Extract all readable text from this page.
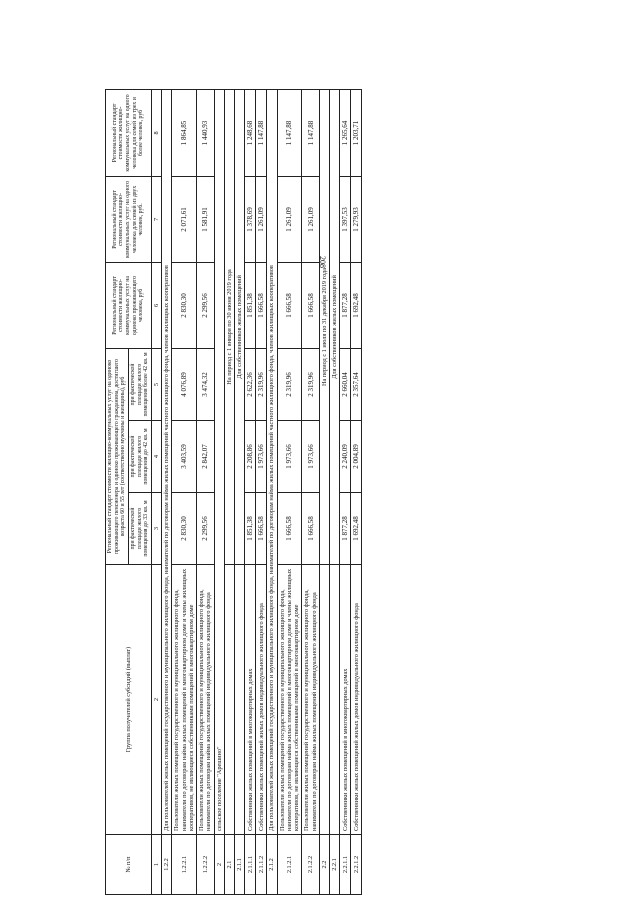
208
№ п/п	Группа получателей субсидий (выплат)	Региональный стандарт стоимости жилищно-коммунальных услуг на одиноко проживающего пенсионера и одиноко проживающего гражданина, достигшего возраста 60 и 55 лет (соответственно мужчины и женщины), руб			Региональный стандарт стоимости жилищно-коммунальных услуг на одиноко проживающего человека, руб	Региональный стандарт стоимости жилищно-коммунальных услуг на одного человека для семей из двух человек, руб.	Региональный стандарт стоимости жилищно-коммунальных услуг на одного человека для семей из трех и более человек, руб
		при фактической площади жилого помещения до 33 кв. м	при фактической площади жилого помещения до 42 кв. м	при фактической площади жилого помещения более 42 кв. м			
1	2	3	4	5	6	7	8
1.2.2	Для пользователей жилых помещений государственного и муниципального жилищного фонда, нанимателей по договорам найма жилых помещений частного жилищного фонда, членов жилищных кооперативов						
1.2.2.1	Пользователи жилых помещений государственного и муниципального жилищного фонда, наниматели по договорам найма жилых помещений в многоквартирном доме и члены жилищных кооперативов, не являющиеся собственниками помещений в многоквартирном доме	2 830,30	3 403,59	4 076,89	2 830,30	2 071,61	1 864,85
1.2.2.2	Пользователи жилых помещений государственного и муниципального жилищного фонда, наниматели по договорам найма жилых помещений индивидуального жилищного фонда	2 299,56	2 842,07	3 474,32	2 299,56	1 581,91	1 440,93
2	сельское поселение "Арешино"						
2.1		На период с 1 января по 30 июня 2019 года					
2.1.1		Для собственников жилых помещений					
2.1.1.1	Собственники жилых помещений в многоквартирных домах	1 851,38	2 208,86	2 622,36	1 851,38	1 378,69	1 248,68
2.1.1.2	Собственники жилых помещений жилых домов индивидуального жилищного фонда	1 666,58	1 973,66	2 319,96	1 666,58	1 261,09	1 147,88
2.1.2	Для пользователей жилых помещений государственного и муниципального жилищного фонда, нанимателей по договорам найма жилых помещений частного жилищного фонда, членов жилищных кооперативов						
2.1.2.1	Пользователи жилых помещений государственного и муниципального жилищного фонда, наниматели по договорам найма жилых помещений в многоквартирном доме и члены жилищных кооперативов, не являющиеся собственниками помещений в многоквартирном доме	1 666,58	1 973,66	2 319,96	1 666,58	1 261,09	1 147,88
2.1.2.2	Пользователи жилых помещений государственного и муниципального жилищного фонда, наниматели по договорам найма жилых помещений индивидуального жилищного фонда	1 666,58	1 973,66	2 319,96	1 666,58	1 261,09	1 147,88
2.2		На период с 1 июля по 31 декабря 2019 года					
2.2.1		Для собственников жилых помещений					
2.2.1.1	Собственники жилых помещений в многоквартирных домах	1 877,28	2 240,09	2 660,04	1 877,28	1 397,53	1 265,64
2.2.1.2	Собственники жилых помещений жилых домов индивидуального жилищного фонда	1 692,48	2 004,89	2 357,64	1 692,48	1 279,93	1 203,71
